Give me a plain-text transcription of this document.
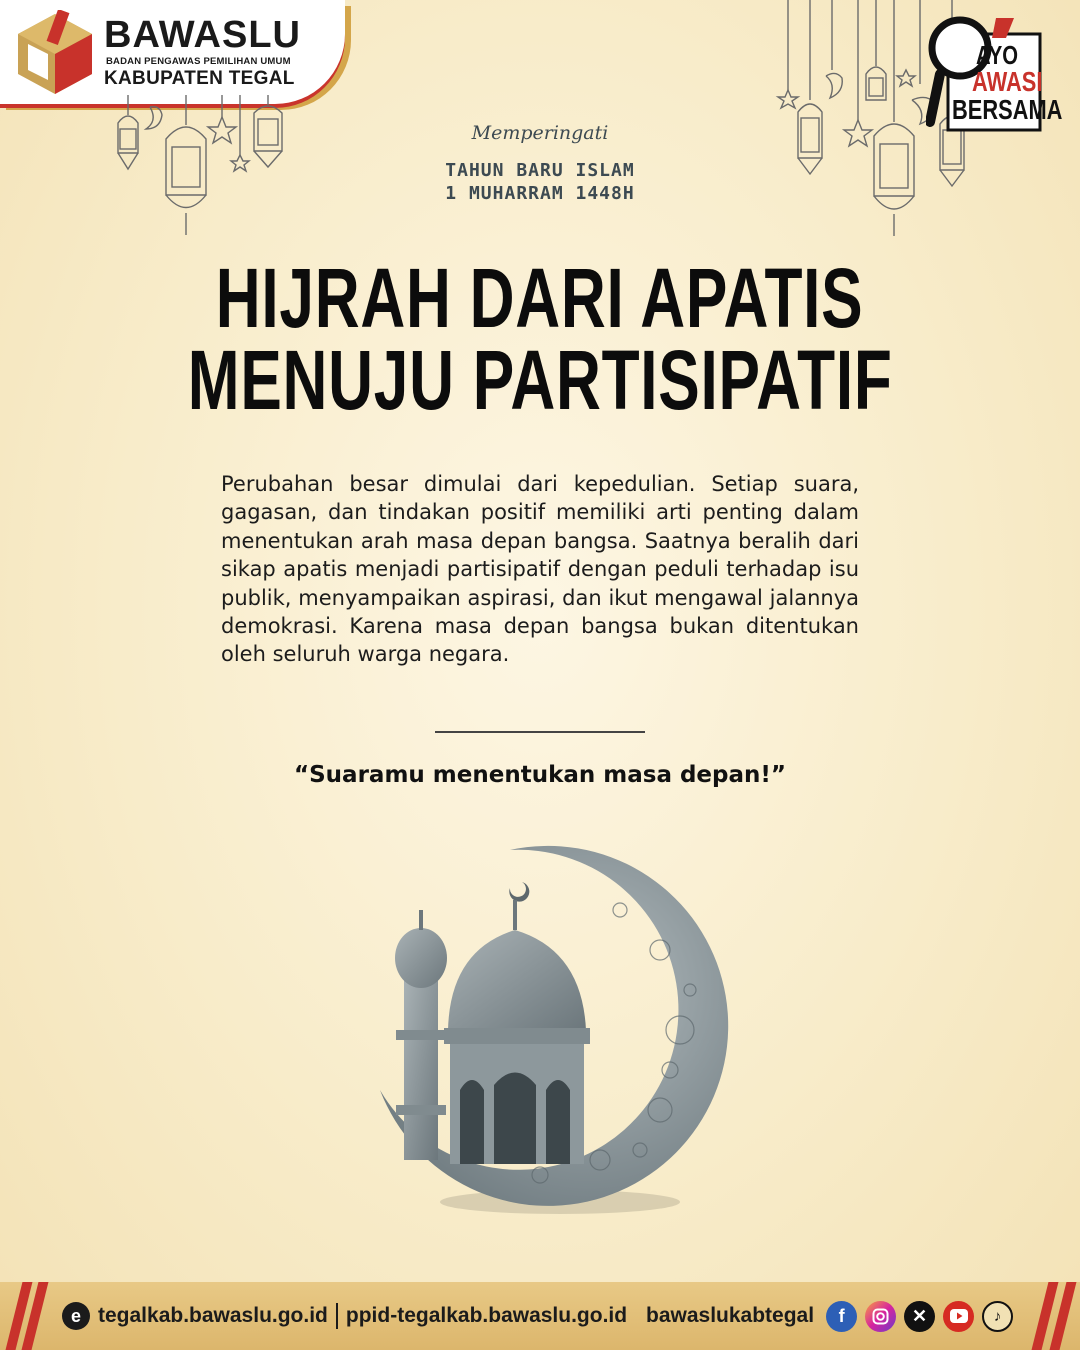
BAWASLU
BADAN PENGAWAS PEMILIHAN UMUM
KABUPATEN TEGAL
AYO
AWASI
BERSAMA
Memperingati
TAHUN BARU ISLAM
1 MUHARRAM 1448H
HIJRAH DARI APATIS
MENUJU PARTISIPATIF
Perubahan besar dimulai dari kepedulian. Setiap suara, gagasan, dan tindakan positif memiliki arti penting dalam menentukan arah masa depan bangsa. Saatnya beralih dari sikap apatis menjadi partisipatif dengan peduli terhadap isu publik, menyampaikan aspirasi, dan ikut mengawal jalannya demokrasi. Karena masa depan bangsa bukan ditentukan oleh seluruh warga negara.
“Suaramu menentukan masa depan!”
e tegalkab.bawaslu.go.id ppid-tegalkab.bawaslu.go.id bawaslukabtegal	f	✕	♪
